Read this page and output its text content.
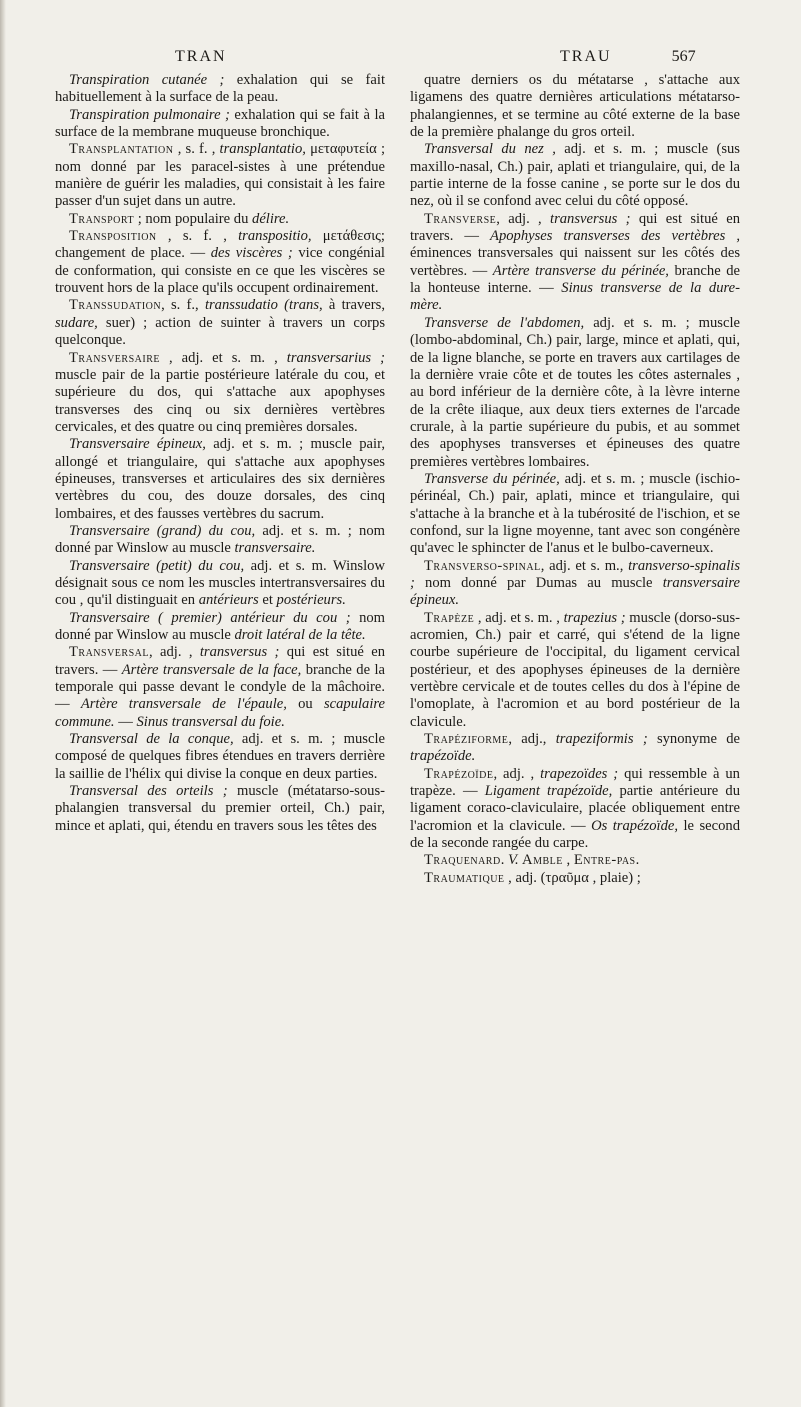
TRAN	TRAU	567

Transpiration cutanée ; exhalation qui se fait habituellement à la surface de la peau.

Transpiration pulmonaire ; exhalation qui se fait à la surface de la membrane muqueuse bronchique.

Transplantation , s. f. , transplantatio, μεταφυτεία ; nom donné par les paracel-sistes à une prétendue manière de guérir les maladies, qui consistait à les faire passer d'un sujet dans un autre.

Transport ; nom populaire du délire.

Transposition , s. f. , transpositio, μετάθεσις; changement de place. — des viscères ; vice congénial de conformation, qui consiste en ce que les viscères se trouvent hors de la place qu'ils occupent ordinairement.

Transsudation, s. f., transsudatio (trans, à travers, sudare, suer) ; action de suinter à travers un corps quelconque.

Transversaire , adj. et s. m. , transversarius ; muscle pair de la partie postérieure latérale du cou, et supérieure du dos, qui s'attache aux apophyses transverses des cinq ou six dernières vertèbres cervicales, et des quatre ou cinq premières dorsales.

Transversaire épineux, adj. et s. m. ; muscle pair, allongé et triangulaire, qui s'attache aux apophyses épineuses, transverses et articulaires des six dernières vertèbres du cou, des douze dorsales, des cinq lombaires, et des fausses vertèbres du sacrum.

Transversaire (grand) du cou, adj. et s. m. ; nom donné par Winslow au muscle transversaire.

Transversaire (petit) du cou, adj. et s. m. Winslow désignait sous ce nom les muscles intertransversaires du cou , qu'il distinguait en antérieurs et postérieurs.

Transversaire ( premier) antérieur du cou ; nom donné par Winslow au muscle droit latéral de la tête.

Transversal, adj. , transversus ; qui est situé en travers. — Artère transversale de la face, branche de la temporale qui passe devant le condyle de la mâchoire. — Artère transversale de l'épaule, ou scapulaire commune. — Sinus transversal du foie.

Transversal de la conque, adj. et s. m. ; muscle composé de quelques fibres étendues en travers derrière la saillie de l'hélix qui divise la conque en deux parties.

Transversal des orteils ; muscle (métatarso-sous-phalangien transversal du premier orteil, Ch.) pair, mince et aplati, qui, étendu en travers sous les têtes des

quatre derniers os du métatarse , s'attache aux ligamens des quatre dernières articulations métatarso-phalangiennes, et se termine au côté externe de la base de la première phalange du gros orteil.

Transversal du nez , adj. et s. m. ; muscle (sus maxillo-nasal, Ch.) pair, aplati et triangulaire, qui, de la partie interne de la fosse canine , se porte sur le dos du nez, où il se confond avec celui du côté opposé.

Transverse, adj. , transversus ; qui est situé en travers. — Apophyses transverses des vertèbres , éminences transversales qui naissent sur les côtés des vertèbres. — Artère transverse du périnée, branche de la honteuse interne. — Sinus transverse de la dure-mère.

Transverse de l'abdomen, adj. et s. m. ; muscle (lombo-abdominal, Ch.) pair, large, mince et aplati, qui, de la ligne blanche, se porte en travers aux cartilages de la dernière vraie côte et de toutes les côtes asternales , au bord inférieur de la dernière côte, à la lèvre interne de la crête iliaque, aux deux tiers externes de l'arcade crurale, à la partie supérieure du pubis, et au sommet des apophyses transverses et épineuses des quatre premières vertèbres lombaires.

Transverse du périnée, adj. et s. m. ; muscle (ischio-périnéal, Ch.) pair, aplati, mince et triangulaire, qui s'attache à la branche et à la tubérosité de l'ischion, et se confond, sur la ligne moyenne, tant avec son congénère qu'avec le sphincter de l'anus et le bulbo-caverneux.

Transverso-spinal, adj. et s. m., transverso-spinalis ; nom donné par Dumas au muscle transversaire épineux.

Trapèze , adj. et s. m. , trapezius ; muscle (dorso-sus-acromien, Ch.) pair et carré, qui s'étend de la ligne courbe supérieure de l'occipital, du ligament cervical postérieur, et des apophyses épineuses de la dernière vertèbre cervicale et de toutes celles du dos à l'épine de l'omoplate, à l'acromion et au bord postérieur de la clavicule.

Trapéziforme, adj., trapeziformis ; synonyme de trapézoïde.

Trapézoïde, adj. , trapezoïdes ; qui ressemble à un trapèze. — Ligament trapézoïde, partie antérieure du ligament coraco-claviculaire, placée obliquement entre l'acromion et la clavicule. — Os trapézoïde, le second de la seconde rangée du carpe.

Traquenard. V. Amble , Entre-pas.

Traumatique , adj. (τραῦμα , plaie) ;
